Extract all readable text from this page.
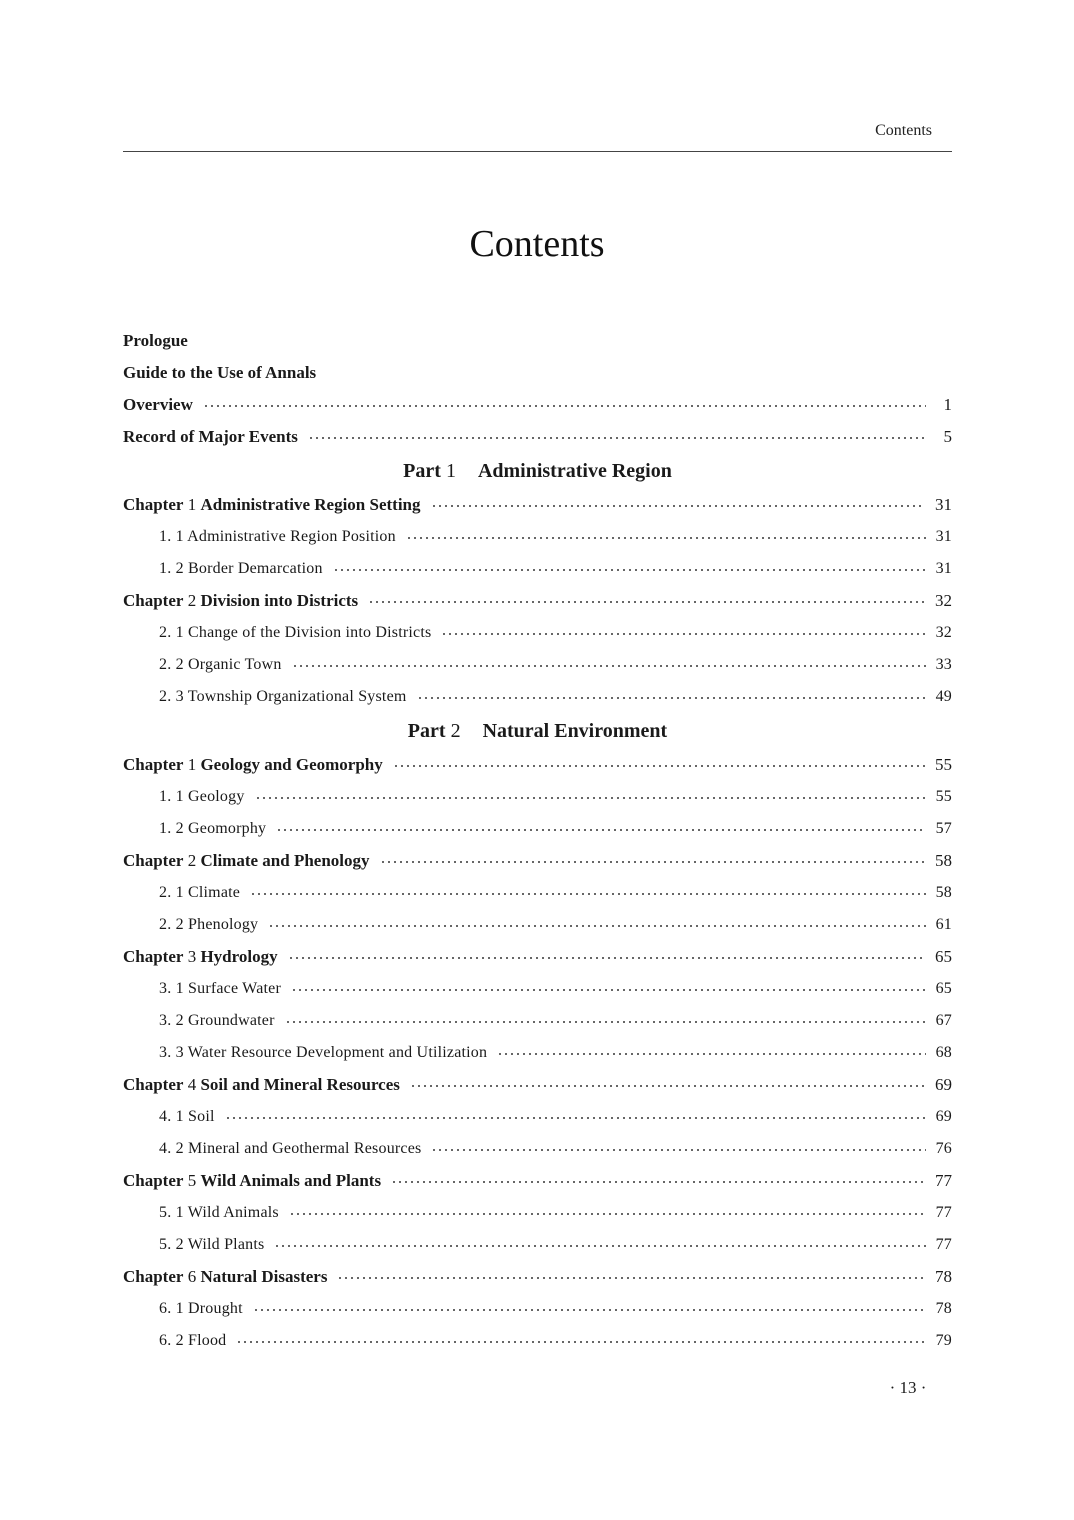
Contents
Contents
Prologue
Guide to the Use of Annals
Overview	1
Record of Major Events	5
Part 1 Administrative Region
Chapter 1 Administrative Region Setting	31
1. 1 Administrative Region Position	31
1. 2 Border Demarcation	31
Chapter 2 Division into Districts	32
2. 1 Change of the Division into Districts	32
2. 2 Organic Town	33
2. 3 Township Organizational System	49
Part 2 Natural Environment
Chapter 1 Geology and Geomorphy	55
1. 1 Geology	55
1. 2 Geomorphy	57
Chapter 2 Climate and Phenology	58
2. 1 Climate	58
2. 2 Phenology	61
Chapter 3 Hydrology	65
3. 1 Surface Water	65
3. 2 Groundwater	67
3. 3 Water Resource Development and Utilization	68
Chapter 4 Soil and Mineral Resources	69
4. 1 Soil	69
4. 2 Mineral and Geothermal Resources	76
Chapter 5 Wild Animals and Plants	77
5. 1 Wild Animals	77
5. 2 Wild Plants	77
Chapter 6 Natural Disasters	78
6. 1 Drought	78
6. 2 Flood	79
· 13 ·
